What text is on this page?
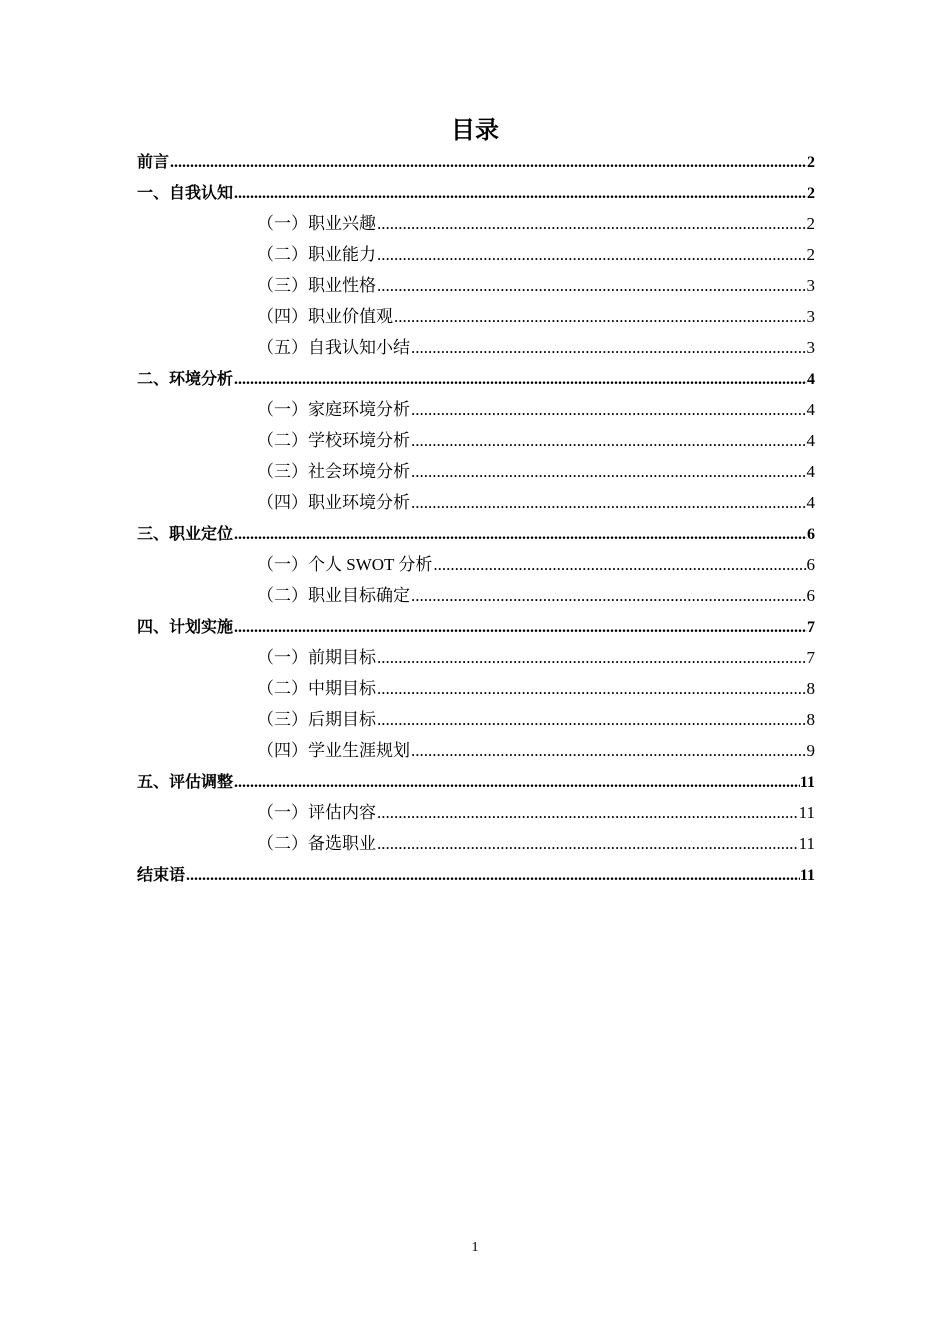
目录
前言 .....	2
一、自我认知 .....	2
（一）职业兴趣 .....	2
（二）职业能力 .....	2
（三）职业性格 .....	3
（四）职业价值观 .....	3
（五）自我认知小结 .....	3
二、环境分析 .....	4
（一）家庭环境分析 .....	4
（二）学校环境分析 .....	4
（三）社会环境分析 .....	4
（四）职业环境分析 .....	4
三、职业定位 .....	6
（一）个人 SWOT 分析 .....	6
（二）职业目标确定 .....	6
四、计划实施 .....	7
（一）前期目标 .....	7
（二）中期目标 .....	8
（三）后期目标 .....	8
（四）学业生涯规划 .....	9
五、评估调整 .....	11
（一）评估内容 .....	11
（二）备选职业 .....	11
结束语 .....	11
1
